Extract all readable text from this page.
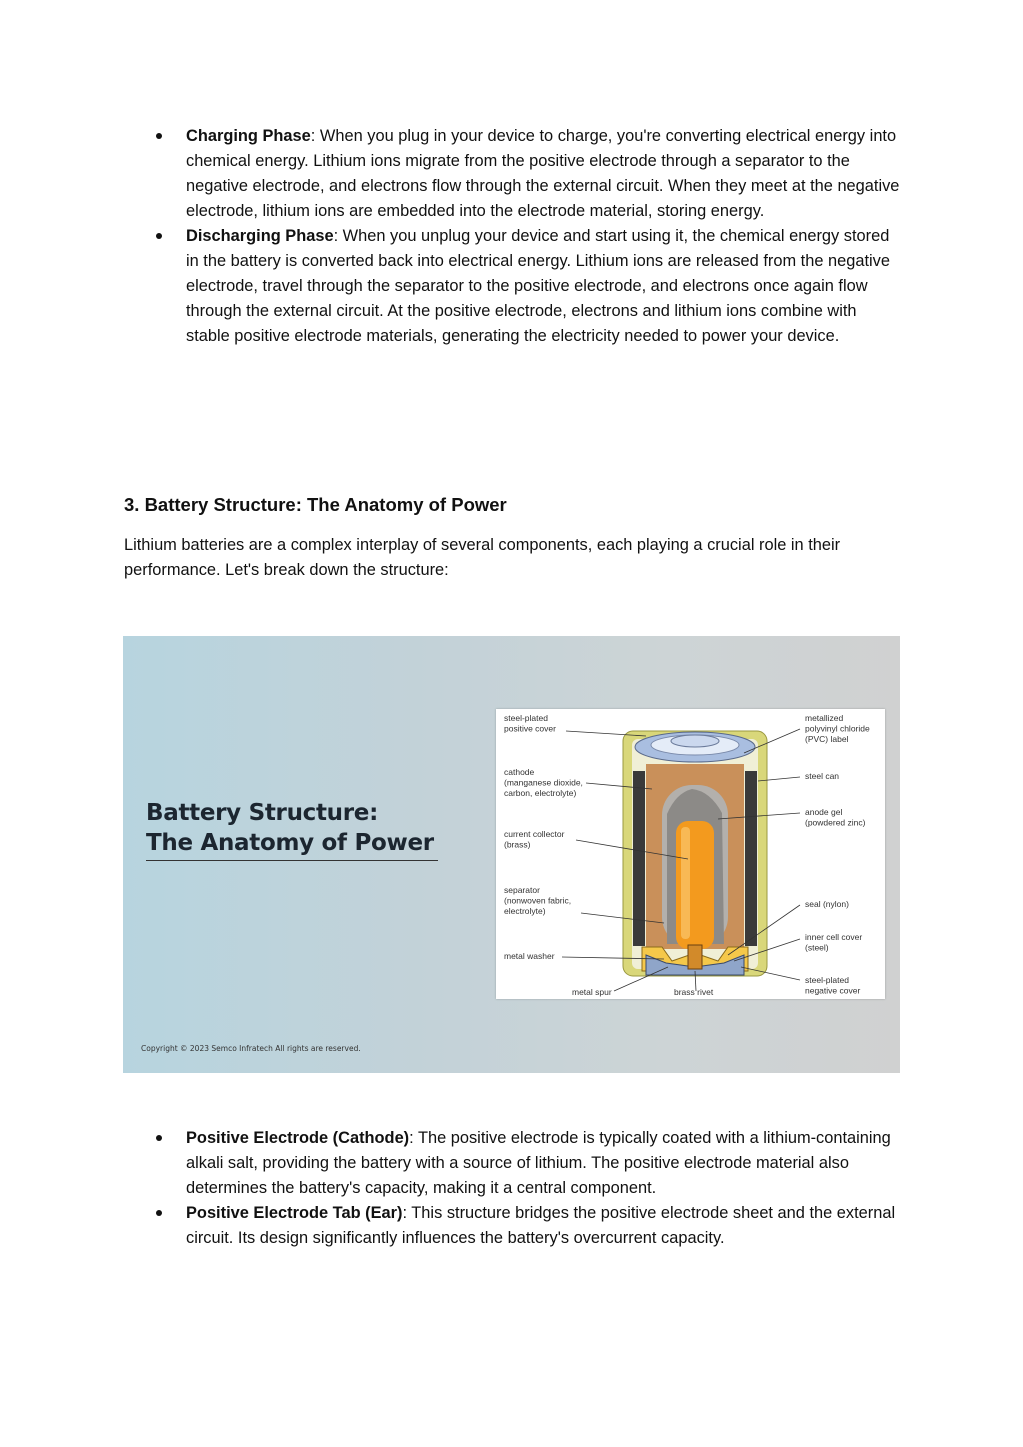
Charging Phase: When you plug in your device to charge, you're converting electrical energy into chemical energy. Lithium ions migrate from the positive electrode through a separator to the negative electrode, and electrons flow through the external circuit. When they meet at the negative electrode, lithium ions are embedded into the electrode material, storing energy.
Discharging Phase: When you unplug your device and start using it, the chemical energy stored in the battery is converted back into electrical energy. Lithium ions are released from the negative electrode, travel through the separator to the positive electrode, and electrons once again flow through the external circuit. At the positive electrode, electrons and lithium ions combine with stable positive electrode materials, generating the electricity needed to power your device.
3. Battery Structure: The Anatomy of Power

Lithium batteries are a complex interplay of several components, each playing a crucial role in their performance. Let's break down the structure:

Battery Structure:
The Anatomy of Power
Copyright © 2023 Semco Infratech All rights are reserved.
steel-plated positive cover
cathode (manganese dioxide, carbon, electrolyte)
current collector (brass)
separator (nonwoven fabric, electrolyte)
metal washer
metal spur	brass rivet
metallized polyvinyl chloride (PVC) label
steel can
anode gel (powdered zinc)
seal (nylon)
inner cell cover (steel)
steel-plated negative cover
Positive Electrode (Cathode): The positive electrode is typically coated with a lithium-containing alkali salt, providing the battery with a source of lithium. The positive electrode material also determines the battery's capacity, making it a central component.
Positive Electrode Tab (Ear): This structure bridges the positive electrode sheet and the external circuit. Its design significantly influences the battery's overcurrent capacity.
